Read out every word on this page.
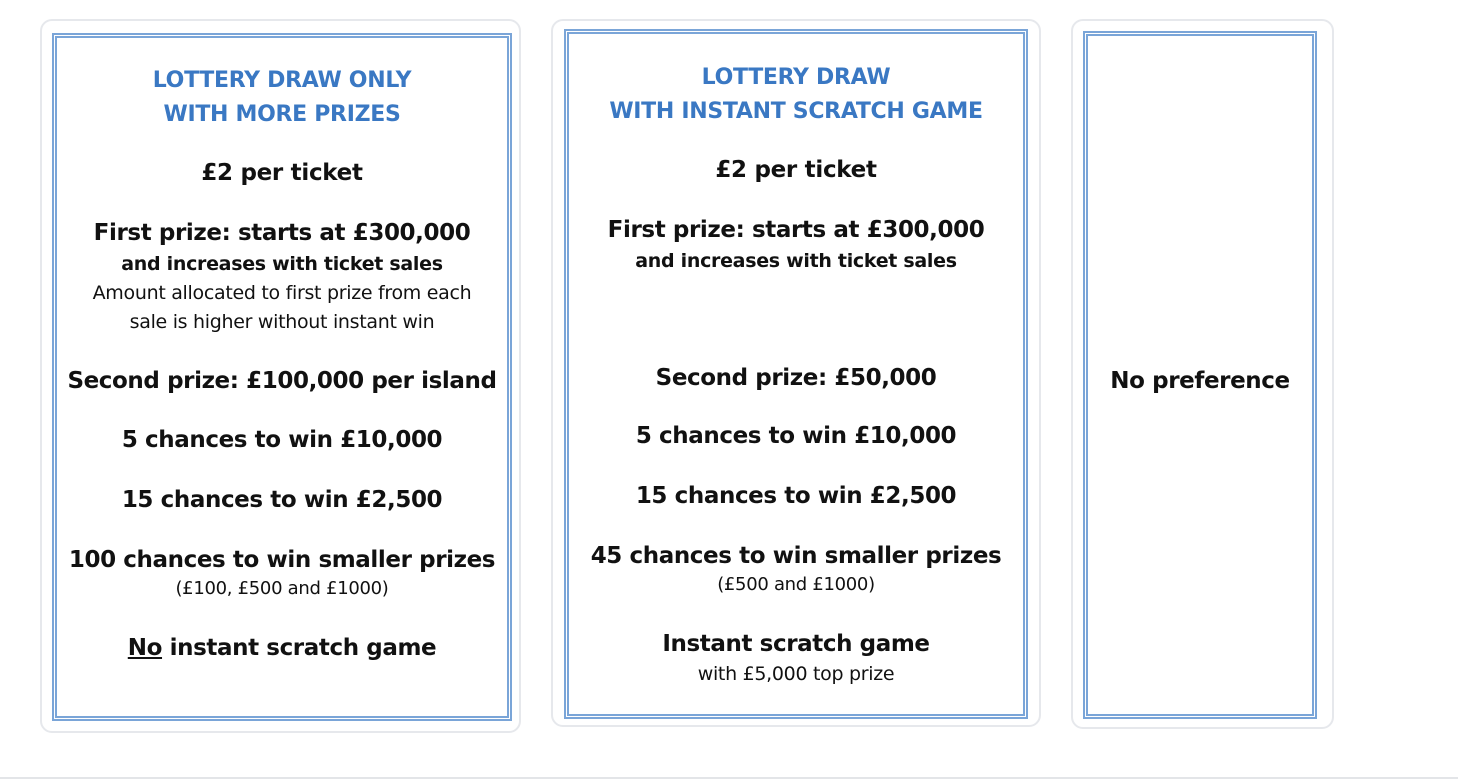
LOTTERY DRAW ONLY
WITH MORE PRIZES
£2 per ticket
First prize: starts at £300,000
and increases with ticket sales
Amount allocated to first prize from each
sale is higher without instant win
Second prize: £100,000 per island
5 chances to win £10,000
15 chances to win £2,500
100 chances to win smaller prizes
(£100, £500 and £1000)
No instant scratch game
LOTTERY DRAW
WITH INSTANT SCRATCH GAME
£2 per ticket
First prize: starts at £300,000
and increases with ticket sales
Second prize: £50,000
5 chances to win £10,000
15 chances to win £2,500
45 chances to win smaller prizes
(£500 and £1000)
Instant scratch game
with £5,000 top prize
No preference
